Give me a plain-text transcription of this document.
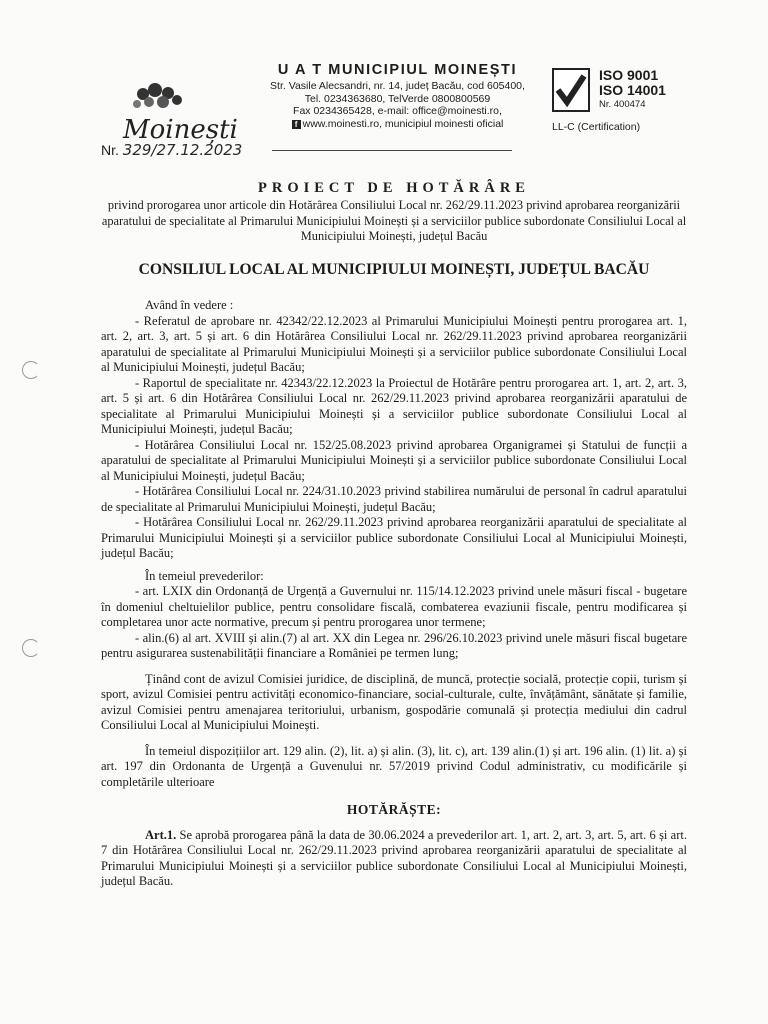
Moinești
Nr. 329/27.12.2023
U A T MUNICIPIUL MOINEȘTI
Str. Vasile Alecsandri, nr. 14, județ Bacău, cod 605400,
Tel. 0234363680, TelVerde 0800800569
Fax 0234365428, e-mail: office@moinesti.ro,
f www.moinesti.ro, municipiul moinesti oficial
ISO 9001
ISO 14001
Nr. 400474
LL-C (Certification)
PROIECT DE HOTĂRÂRE
privind prorogarea unor articole din Hotărârea Consiliului Local nr. 262/29.11.2023 privind aprobarea reorganizării aparatului de specialitate al Primarului Municipiului Moinești și a serviciilor publice subordonate Consiliului Local al Municipiului Moinești, județul Bacău
CONSILIUL LOCAL AL MUNICIPIULUI MOINEȘTI, JUDEȚUL BACĂU

Având în vedere :

- Referatul de aprobare nr. 42342/22.12.2023 al Primarului Municipiului Moinești pentru prorogarea art. 1, art. 2, art. 3, art. 5 și art. 6 din Hotărârea Consiliului Local nr. 262/29.11.2023 privind aprobarea reorganizării aparatului de specialitate al Primarului Municipiului Moinești și a serviciilor publice subordonate Consiliului Local al Municipiului Moinești, județul Bacău;

- Raportul de specialitate nr. 42343/22.12.2023 la Proiectul de Hotărâre pentru prorogarea art. 1, art. 2, art. 3, art. 5 și art. 6 din Hotărârea Consiliului Local nr. 262/29.11.2023 privind aprobarea reorganizării aparatului de specialitate al Primarului Municipiului Moinești și a serviciilor publice subordonate Consiliului Local al Municipiului Moinești, județul Bacău;

- Hotărârea Consiliului Local nr. 152/25.08.2023 privind aprobarea Organigramei și Statului de funcții a aparatului de specialitate al Primarului Municipiului Moinești și a serviciilor publice subordonate Consiliului Local al Municipiului Moinești, județul Bacău;

- Hotărârea Consiliului Local nr. 224/31.10.2023 privind stabilirea numărului de personal în cadrul aparatului de specialitate al Primarului Municipiului Moinești, județul Bacău;

- Hotărârea Consiliului Local nr. 262/29.11.2023 privind aprobarea reorganizării aparatului de specialitate al Primarului Municipiului Moinești și a serviciilor publice subordonate Consiliului Local al Municipiului Moinești, județul Bacău;

În temeiul prevederilor:

- art. LXIX din Ordonanță de Urgență a Guvernului nr. 115/14.12.2023 privind unele măsuri fiscal - bugetare în domeniul cheltuielilor publice, pentru consolidare fiscală, combaterea evaziunii fiscale, pentru modificarea și completarea unor acte normative, precum și pentru prorogarea unor termene;

- alin.(6) al art. XVIII și alin.(7) al art. XX din Legea nr. 296/26.10.2023 privind unele măsuri fiscal bugetare pentru asigurarea sustenabilității financiare a României pe termen lung;

Ținând cont de avizul Comisiei juridice, de disciplină, de muncă, protecție socială, protecție copii, turism și sport, avizul Comisiei pentru activități economico-financiare, social-culturale, culte, învățământ, sănătate și familie, avizul Comisiei pentru amenajarea teritoriului, urbanism, gospodărie comunală și protecția mediului din cadrul Consiliului Local al Municipiului Moinești.

În temeiul dispozițiilor art. 129 alin. (2), lit. a) și alin. (3), lit. c), art. 139 alin.(1) și art. 196 alin. (1) lit. a) și art. 197 din Ordonanta de Urgență a Guvenului nr. 57/2019 privind Codul administrativ, cu modificările și completările ulterioare

HOTĂRĂȘTE:

Art.1. Se aprobă prorogarea până la data de 30.06.2024 a prevederilor art. 1, art. 2, art. 3, art. 5, art. 6 și art. 7 din Hotărârea Consiliului Local nr. 262/29.11.2023 privind aprobarea reorganizării aparatului de specialitate al Primarului Municipiului Moinești și a serviciilor publice subordonate Consiliului Local al Municipiului Moinești, județul Bacău.
